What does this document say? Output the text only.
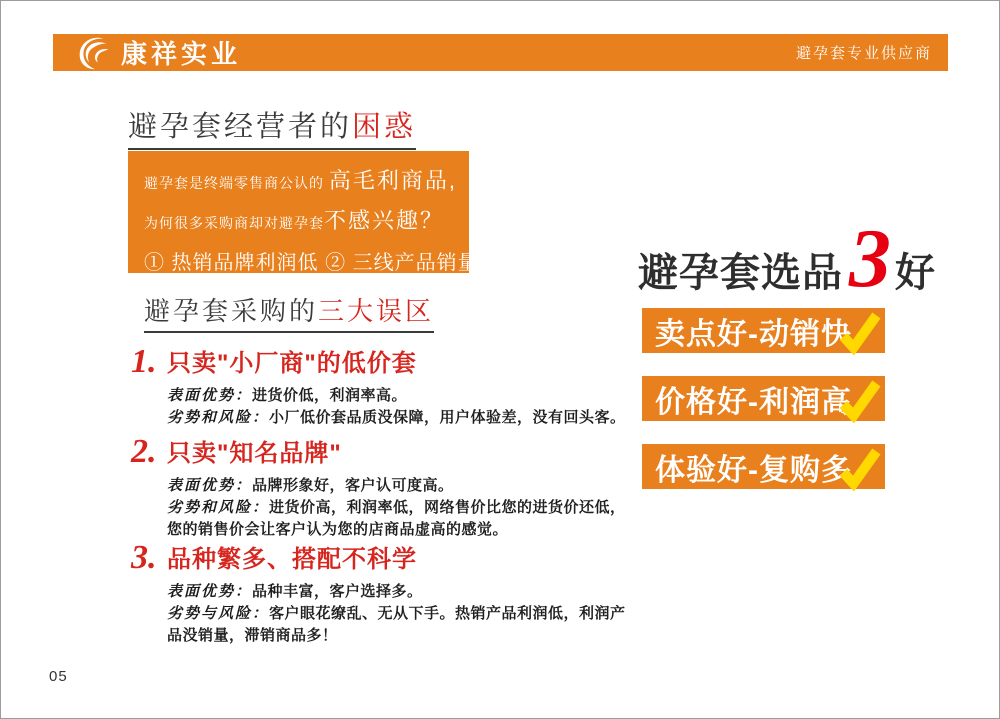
康祥实业	避孕套专业供应商
避孕套经营者的困惑
避孕套是终端零售商公认的 高毛利商品,
为何很多采购商却对避孕套不感兴趣？
① 热销品牌利润低 ② 三线产品销量少
避孕套采购的三大误区
1. 只卖"小厂商"的低价套
表面优势：进货价低，利润率高。
劣势和风险：小厂低价套品质没保障，用户体验差，没有回头客。
2. 只卖"知名品牌"
表面优势：品牌形象好，客户认可度高。
劣势和风险：进货价高，利润率低，网络售价比您的进货价还低，您的销售价会让客户认为您的店商品虚高的感觉。
3. 品种繁多、搭配不科学
表面优势：品种丰富，客户选择多。
劣势与风险：客户眼花缭乱、无从下手。热销产品利润低，利润产品没销量，滞销商品多！
避孕套选品 3 好
卖点好-动销快
价格好-利润高
体验好-复购多
05
